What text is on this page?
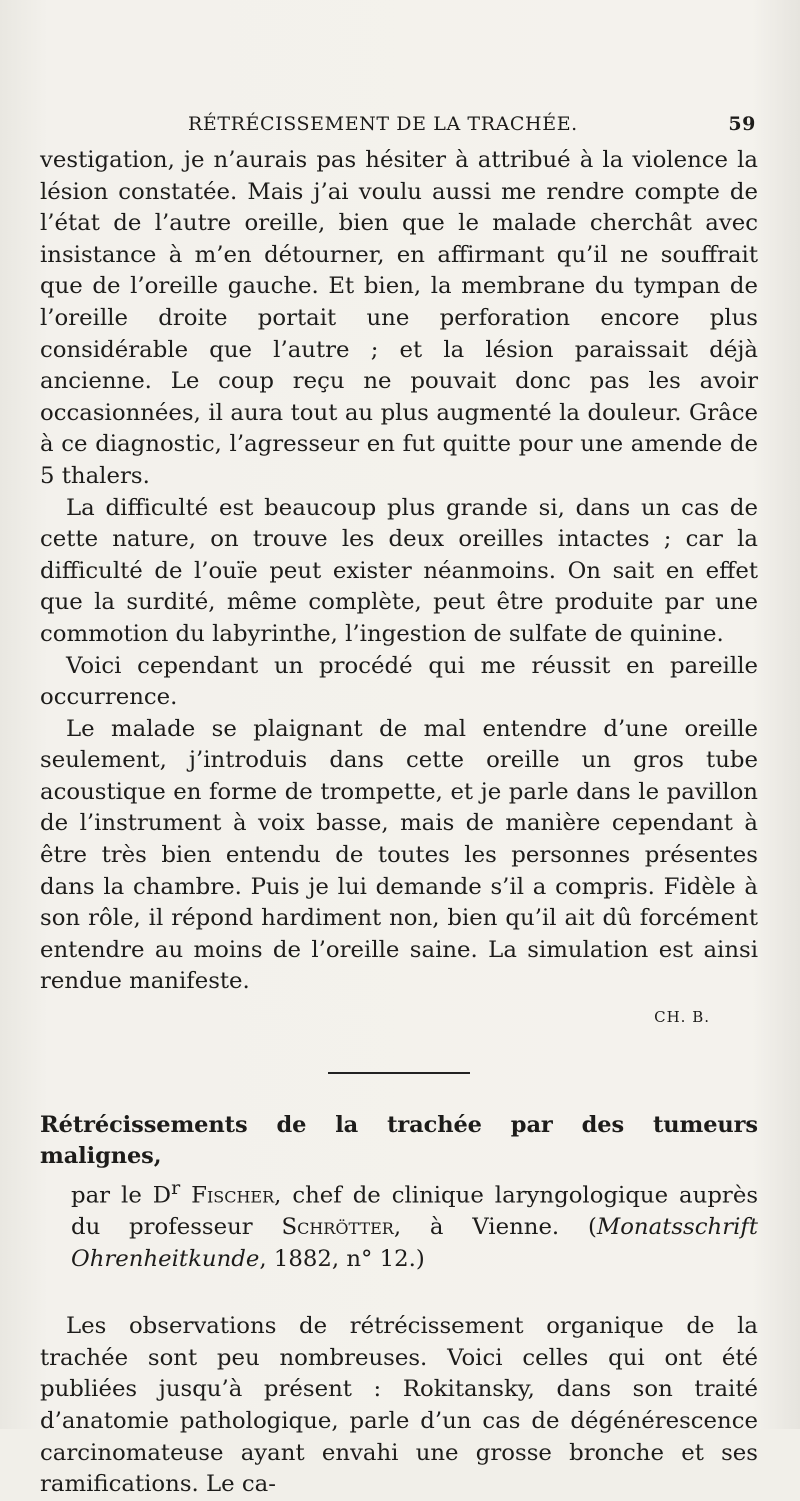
RÉTRÉCISSEMENT DE LA TRACHÉE.	59

vestigation, je n’aurais pas hésiter à attribué à la violence la lésion constatée. Mais j’ai voulu aussi me rendre compte de l’état de l’autre oreille, bien que le malade cherchât avec insistance à m’en détourner, en affirmant qu’il ne souffrait que de l’oreille gauche. Et bien, la membrane du tympan de l’oreille droite portait une perforation encore plus considérable que l’autre ; et la lésion paraissait déjà ancienne. Le coup reçu ne pouvait donc pas les avoir occasionnées, il aura tout au plus augmenté la douleur. Grâce à ce diagnostic, l’agresseur en fut quitte pour une amende de 5 thalers.

La difficulté est beaucoup plus grande si, dans un cas de cette nature, on trouve les deux oreilles intactes ; car la difficulté de l’ouïe peut exister néanmoins. On sait en effet que la surdité, même complète, peut être produite par une commotion du labyrinthe, l’ingestion de sulfate de quinine.

Voici cependant un procédé qui me réussit en pareille occurrence.

Le malade se plaignant de mal entendre d’une oreille seulement, j’introduis dans cette oreille un gros tube acoustique en forme de trompette, et je parle dans le pavillon de l’instrument à voix basse, mais de manière cependant à être très bien entendu de toutes les personnes présentes dans la chambre. Puis je lui demande s’il a compris. Fidèle à son rôle, il répond hardiment non, bien qu’il ait dû forcément entendre au moins de l’oreille saine. La simulation est ainsi rendue manifeste.

CH. B.

Rétrécissements de la trachée par des tumeurs malignes,

par le $D^r$ Fischer, chef de clinique laryngologique auprès du professeur Schrötter, à Vienne. (Monatsschrift Ohrenheitkunde, 1882, n° 12.)

Les observations de rétrécissement organique de la trachée sont peu nombreuses. Voici celles qui ont été publiées jusqu’à présent : Rokitansky, dans son traité d’anatomie pathologique, parle d’un cas de dégénérescence carcinomateuse ayant envahi une grosse bronche et ses ramifications. Le ca-
